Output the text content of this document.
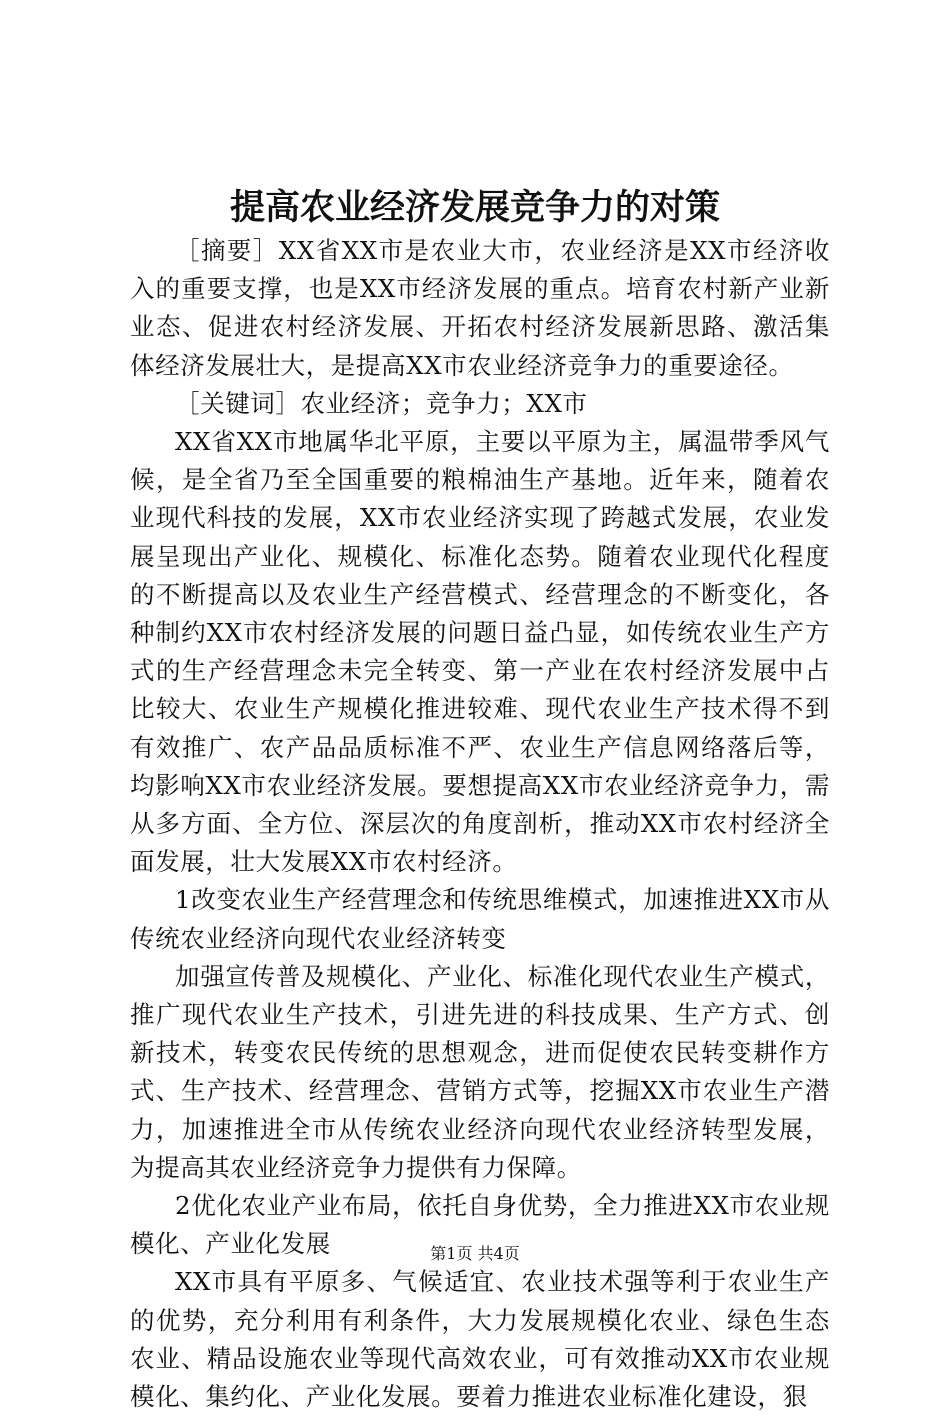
提高农业经济发展竞争力的对策

［摘要］XX省XX市是农业大市，农业经济是XX市经济收入的重要支撑，也是XX市经济发展的重点。培育农村新产业新业态、促进农村经济发展、开拓农村经济发展新思路、激活集体经济发展壮大，是提高XX市农业经济竞争力的重要途径。

［关键词］农业经济；竞争力；XX市

XX省XX市地属华北平原，主要以平原为主，属温带季风气候，是全省乃至全国重要的粮棉油生产基地。近年来，随着农业现代科技的发展，XX市农业经济实现了跨越式发展，农业发展呈现出产业化、规模化、标准化态势。随着农业现代化程度的不断提高以及农业生产经营模式、经营理念的不断变化，各种制约XX市农村经济发展的问题日益凸显，如传统农业生产方式的生产经营理念未完全转变、第一产业在农村经济发展中占比较大、农业生产规模化推进较难、现代农业生产技术得不到有效推广、农产品品质标准不严、农业生产信息网络落后等，均影响XX市农业经济发展。要想提高XX市农业经济竞争力，需从多方面、全方位、深层次的角度剖析，推动XX市农村经济全面发展，壮大发展XX市农村经济。

1改变农业生产经营理念和传统思维模式，加速推进XX市从传统农业经济向现代农业经济转变

加强宣传普及规模化、产业化、标准化现代农业生产模式，推广现代农业生产技术，引进先进的科技成果、生产方式、创新技术，转变农民传统的思想观念，进而促使农民转变耕作方式、生产技术、经营理念、营销方式等，挖掘XX市农业生产潜力，加速推进全市从传统农业经济向现代农业经济转型发展，为提高其农业经济竞争力提供有力保障。

2优化农业产业布局，依托自身优势，全力推进XX市农业规模化、产业化发展

XX市具有平原多、气候适宜、农业技术强等利于农业生产的优势，充分利用有利条件，大力发展规模化农业、绿色生态农业、精品设施农业等现代高效农业，可有效推动XX市农业规模化、集约化、产业化发展。要着力推进农业标准化建设，狠

第1页 共4页
